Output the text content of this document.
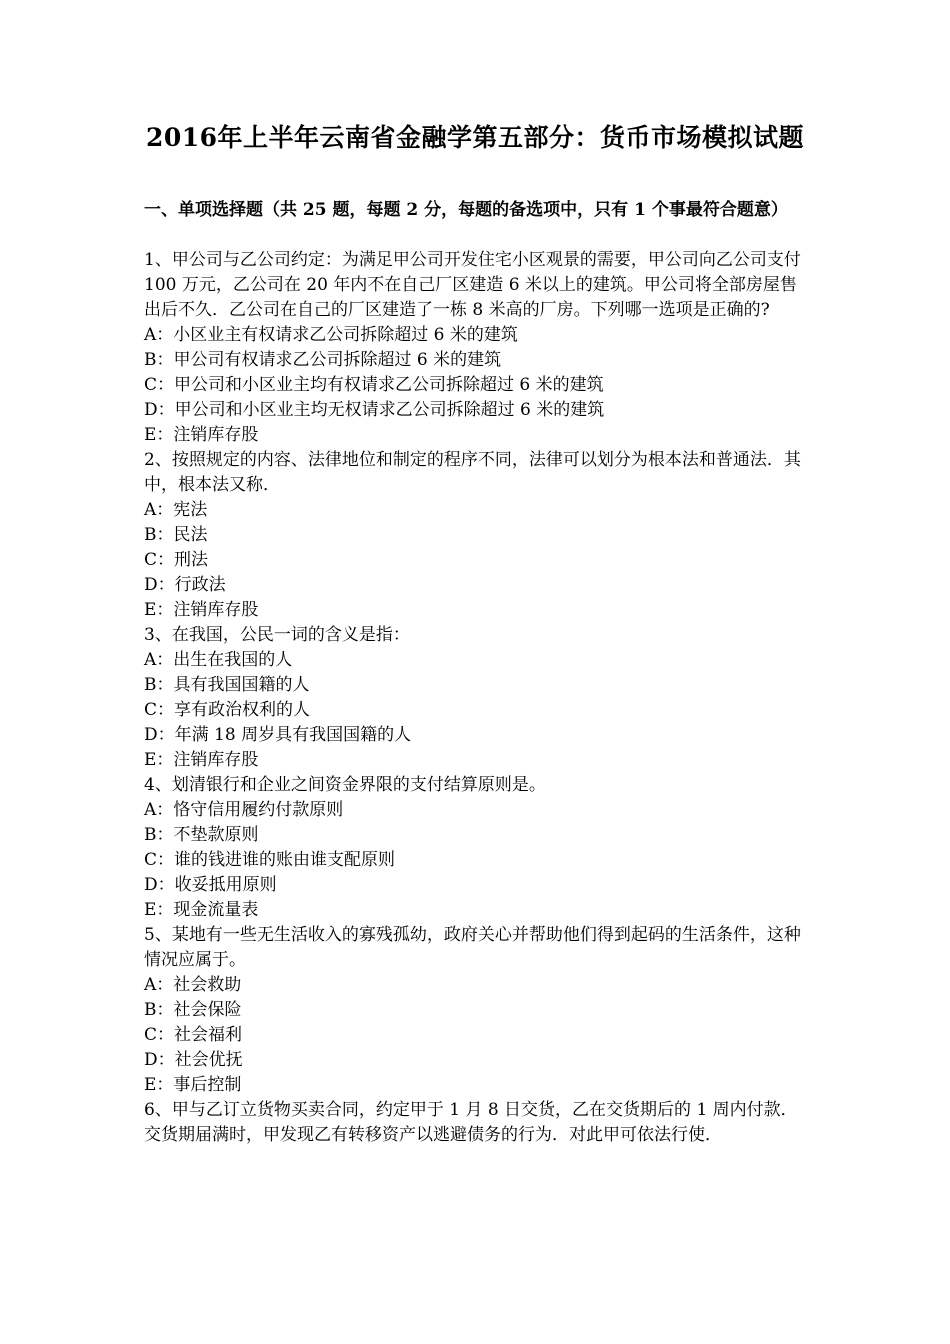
2016年上半年云南省金融学第五部分：货币市场模拟试题
一、单项选择题（共 25 题，每题 2 分，每题的备选项中，只有 1 个事最符合题意）

1、甲公司与乙公司约定：为满足甲公司开发住宅小区观景的需要，甲公司向乙公司支付 100 万元，乙公司在 20 年内不在自己厂区建造 6 米以上的建筑。甲公司将全部房屋售出后不久．乙公司在自己的厂区建造了一栋 8 米高的厂房。下列哪一选项是正确的?

A：小区业主有权请求乙公司拆除超过 6 米的建筑

B：甲公司有权请求乙公司拆除超过 6 米的建筑

C：甲公司和小区业主均有权请求乙公司拆除超过 6 米的建筑

D：甲公司和小区业主均无权请求乙公司拆除超过 6 米的建筑

E：注销库存股

2、按照规定的内容、法律地位和制定的程序不同，法律可以划分为根本法和普通法．其中，根本法又称．

A：宪法

B：民法

C：刑法

D：行政法

E：注销库存股

3、在我国，公民一词的含义是指：

A：出生在我国的人

B：具有我国国籍的人

C：享有政治权利的人

D：年满 18 周岁具有我国国籍的人

E：注销库存股

4、划清银行和企业之间资金界限的支付结算原则是。

A：恪守信用履约付款原则

B：不垫款原则

C：谁的钱进谁的账由谁支配原则

D：收妥抵用原则

E：现金流量表

5、某地有一些无生活收入的寡残孤幼，政府关心并帮助他们得到起码的生活条件，这种情况应属于。

A：社会救助

B：社会保险

C：社会福利

D：社会优抚

E：事后控制

6、甲与乙订立货物买卖合同，约定甲于 1 月 8 日交货，乙在交货期后的 1 周内付款．交货期届满时，甲发现乙有转移资产以逃避债务的行为．对此甲可依法行使．
